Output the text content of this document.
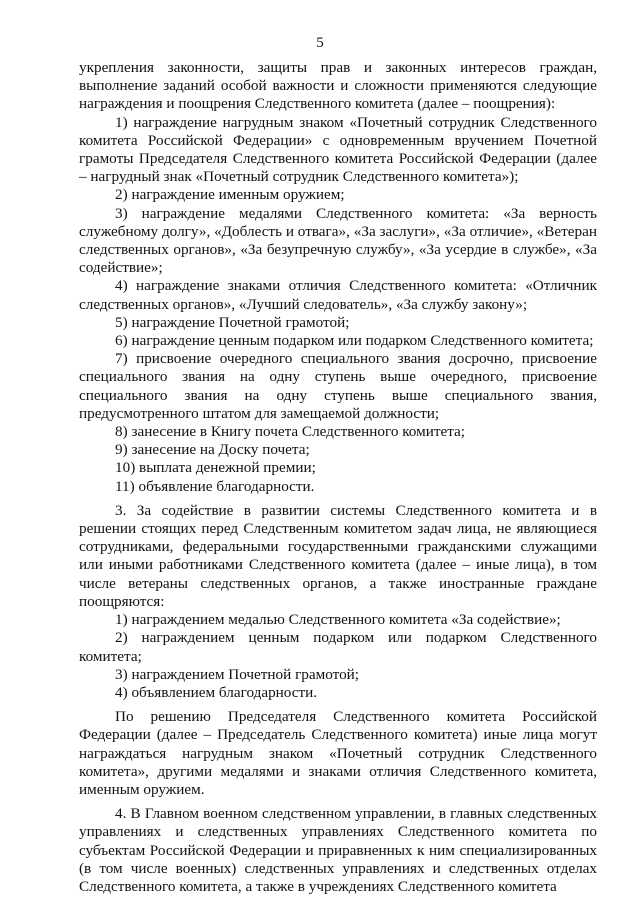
5

укрепления законности, защиты прав и законных интересов граждан, выполнение заданий особой важности и сложности применяются следующие награждения и поощрения Следственного комитета (далее – поощрения):

1) награждение нагрудным знаком «Почетный сотрудник Следственного комитета Российской Федерации» с одновременным вручением Почетной грамоты Председателя Следственного комитета Российской Федерации (далее – нагрудный знак «Почетный сотрудник Следственного комитета»);

2) награждение именным оружием;

3) награждение медалями Следственного комитета: «За верность служебному долгу», «Доблесть и отвага», «За заслуги», «За отличие», «Ветеран следственных органов», «За безупречную службу», «За усердие в службе», «За содействие»;

4) награждение знаками отличия Следственного комитета: «Отличник следственных органов», «Лучший следователь», «За службу закону»;

5) награждение Почетной грамотой;

6) награждение ценным подарком или подарком Следственного комитета;

7) присвоение очередного специального звания досрочно, присвоение специального звания на одну ступень выше очередного, присвоение специального звания на одну ступень выше специального звания, предусмотренного штатом для замещаемой должности;

8) занесение в Книгу почета Следственного комитета;

9) занесение на Доску почета;

10) выплата денежной премии;

11) объявление благодарности.

3. За содействие в развитии системы Следственного комитета и в решении стоящих перед Следственным комитетом задач лица, не являющиеся сотрудниками, федеральными государственными гражданскими служащими или иными работниками Следственного комитета (далее – иные лица), в том числе ветераны следственных органов, а также иностранные граждане поощряются:

1) награждением медалью Следственного комитета «За содействие»;

2) награждением ценным подарком или подарком Следственного комитета;

3) награждением Почетной грамотой;

4) объявлением благодарности.

По решению Председателя Следственного комитета Российской Федерации (далее – Председатель Следственного комитета) иные лица могут награждаться нагрудным знаком «Почетный сотрудник Следственного комитета», другими медалями и знаками отличия Следственного комитета, именным оружием.

4. В Главном военном следственном управлении, в главных следственных управлениях и следственных управлениях Следственного комитета по субъектам Российской Федерации и приравненных к ним специализированных (в том числе военных) следственных управлениях и следственных отделах Следственного комитета, а также в учреждениях Следственного комитета
